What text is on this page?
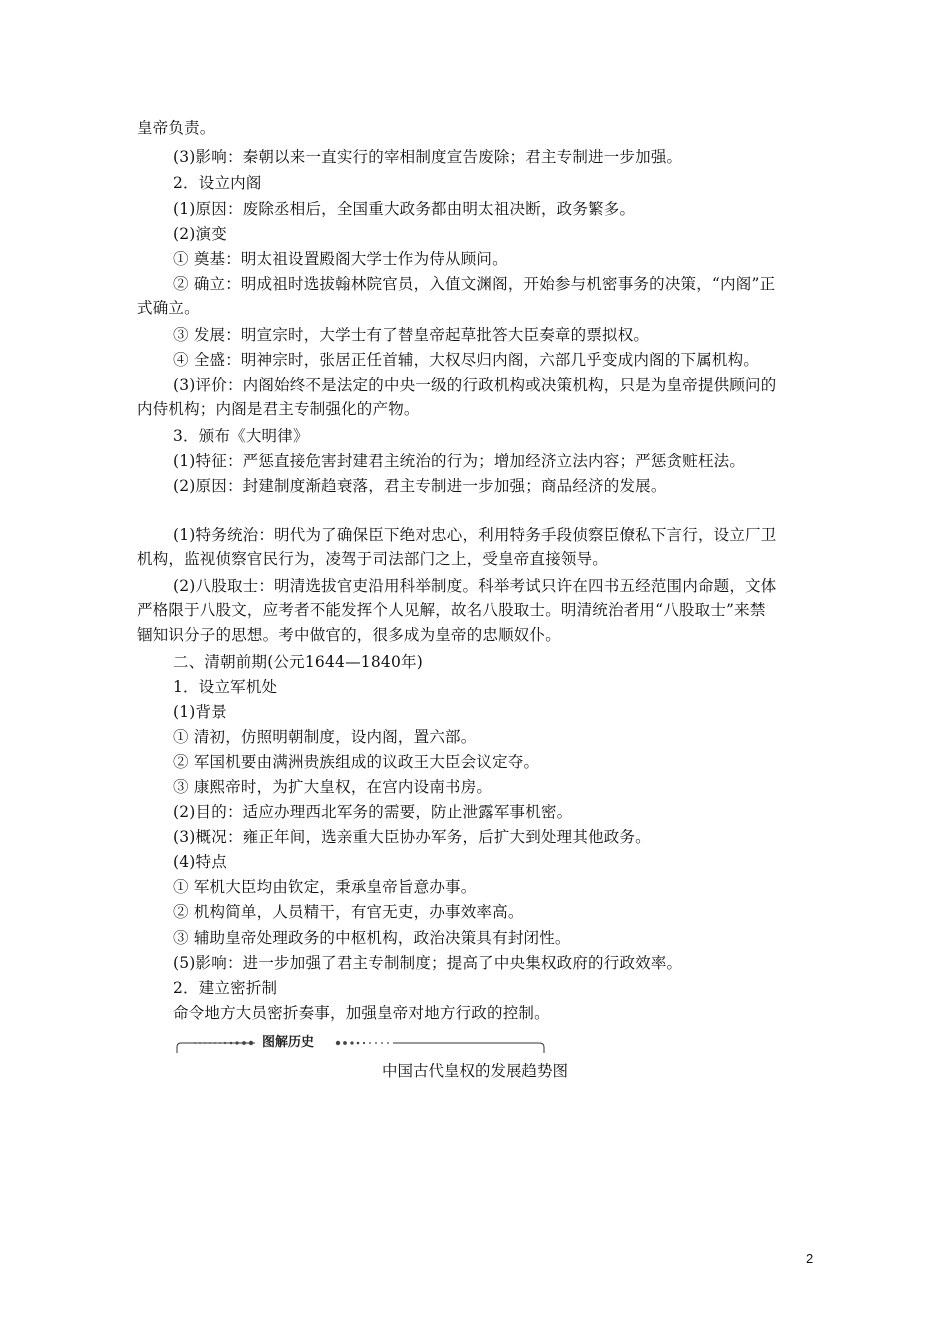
皇帝负责。
(3)影响：秦朝以来一直实行的宰相制度宣告废除；君主专制进一步加强。
2．设立内阁
(1)原因：废除丞相后，全国重大政务都由明太祖决断，政务繁多。
(2)演变
① 奠基：明太祖设置殿阁大学士作为侍从顾问。
② 确立：明成祖时选拔翰林院官员，入值文渊阁，开始参与机密事务的决策，“内阁”正
式确立。
③ 发展：明宣宗时，大学士有了替皇帝起草批答大臣奏章的票拟权。
④ 全盛：明神宗时，张居正任首辅，大权尽归内阁，六部几乎变成内阁的下属机构。
(3)评价：内阁始终不是法定的中央一级的行政机构或决策机构，只是为皇帝提供顾问的
内侍机构；内阁是君主专制强化的产物。
3．颁布《大明律》
(1)特征：严惩直接危害封建君主统治的行为；增加经济立法内容；严惩贪赃枉法。
(2)原因：封建制度渐趋衰落，君主专制进一步加强；商品经济的发展。
(1)特务统治：明代为了确保臣下绝对忠心，利用特务手段侦察臣僚私下言行，设立厂卫
机构，监视侦察官民行为，凌驾于司法部门之上，受皇帝直接领导。
(2)八股取士：明清选拔官吏沿用科举制度。科举考试只许在四书五经范围内命题，文体
严格限于八股文，应考者不能发挥个人见解，故名八股取士。明清统治者用“八股取士”来禁
锢知识分子的思想。考中做官的，很多成为皇帝的忠顺奴仆。
二、清朝前期(公元1644—1840年)
1．设立军机处
(1)背景
① 清初，仿照明朝制度，设内阁，置六部。
② 军国机要由满洲贵族组成的议政王大臣会议定夺。
③ 康熙帝时，为扩大皇权，在宫内设南书房。
(2)目的：适应办理西北军务的需要，防止泄露军事机密。
(3)概况：雍正年间，选亲重大臣协办军务，后扩大到处理其他政务。
(4)特点
① 军机大臣均由钦定，秉承皇帝旨意办事。
② 机构简单，人员精干，有官无吏，办事效率高。
③ 辅助皇帝处理政务的中枢机构，政治决策具有封闭性。
(5)影响：进一步加强了君主专制制度；提高了中央集权政府的行政效率。
2．建立密折制
命令地方大员密折奏事，加强皇帝对地方行政的控制。
图解历史
中国古代皇权的发展趋势图
2
